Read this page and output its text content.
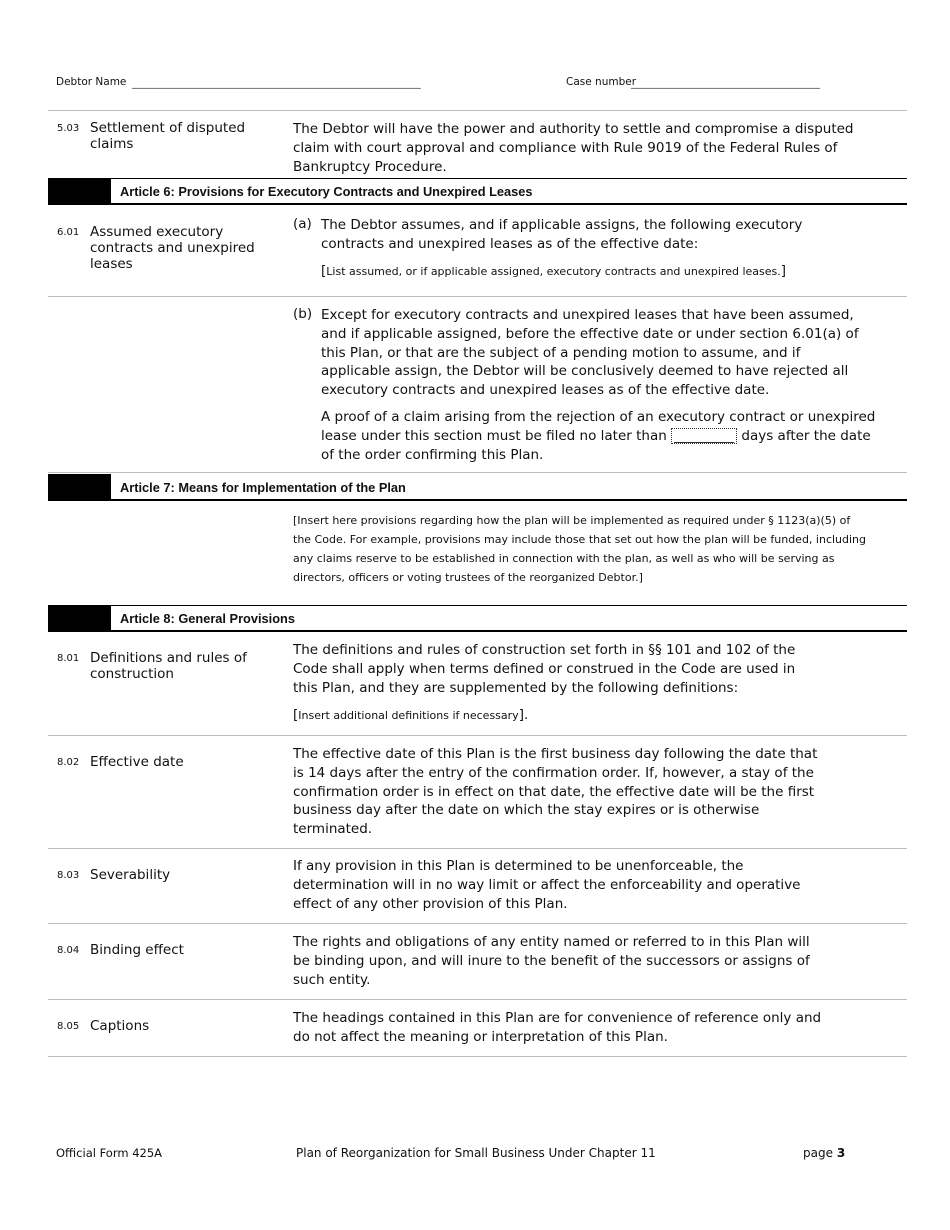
Debtor Name _______________________________________________________	Case number
____________________________________
5.03 Settlement of disputed claims
The Debtor will have the power and authority to settle and compromise a disputed claim with court approval and compliance with Rule 9019 of the Federal Rules of Bankruptcy Procedure.
Article 6: Provisions for Executory Contracts and Unexpired Leases
6.01 Assumed executory contracts and unexpired leases
(a) The Debtor assumes, and if applicable assigns, the following executory contracts and unexpired leases as of the effective date:
[List assumed, or if applicable assigned, executory contracts and unexpired leases.]
(b) Except for executory contracts and unexpired leases that have been assumed, and if applicable assigned, before the effective date or under section 6.01(a) of this Plan, or that are the subject of a pending motion to assume, and if applicable assign, the Debtor will be conclusively deemed to have rejected all executory contracts and unexpired leases as of the effective date.
A proof of a claim arising from the rejection of an executory contract or unexpired lease under this section must be filed no later than __________ days after the date of the order confirming this Plan.
Article 7: Means for Implementation of the Plan
[Insert here provisions regarding how the plan will be implemented as required under § 1123(a)(5) of the Code. For example, provisions may include those that set out how the plan will be funded, including any claims reserve to be established in connection with the plan, as well as who will be serving as directors, officers or voting trustees of the reorganized Debtor.]
Article 8: General Provisions
8.01 Definitions and rules of construction
The definitions and rules of construction set forth in §§ 101 and 102 of the Code shall apply when terms defined or construed in the Code are used in this Plan, and they are supplemented by the following definitions:
[Insert additional definitions if necessary].
8.02 Effective date	The effective date of this Plan is the first business day following the date that is 14 days after the entry of the confirmation order. If, however, a stay of the confirmation order is in effect on that date, the effective date will be the first business day after the date on which the stay expires or is otherwise terminated.
8.03 Severability
If any provision in this Plan is determined to be unenforceable, the determination will in no way limit or affect the enforceability and operative effect of any other provision of this Plan.
8.04 Binding effect	The rights and obligations of any entity named or referred to in this Plan will be binding upon, and will inure to the benefit of the successors or assigns of such entity.
8.05 Captions	The headings contained in this Plan are for convenience of reference only and do not affect the meaning or interpretation of this Plan.
Official Form 425A	Plan of Reorganization for Small Business Under Chapter 11	page 3
